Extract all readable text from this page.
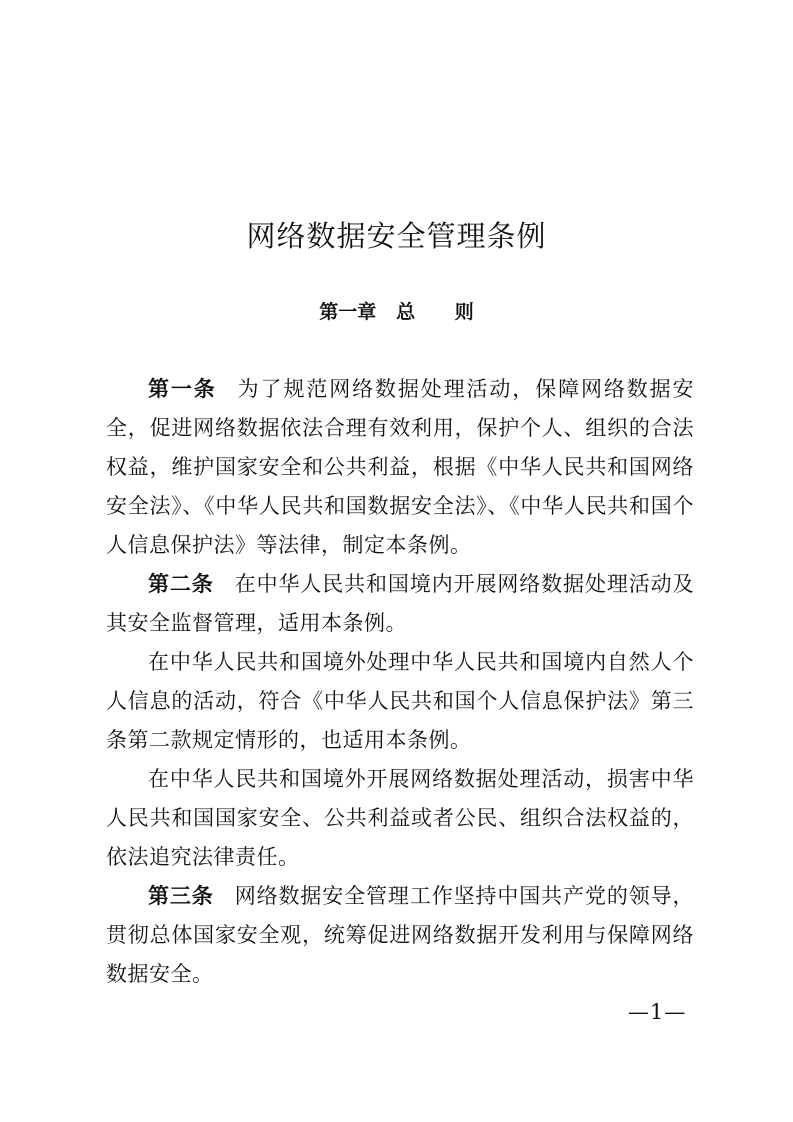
网络数据安全管理条例
第一章   总      则

第一条 为了规范网络数据处理活动，保障网络数据安全，促进网络数据依法合理有效利用，保护个人、组织的合法权益，维护国家安全和公共利益，根据《中华人民共和国网络安全法》、《中华人民共和国数据安全法》、《中华人民共和国个人信息保护法》等法律，制定本条例。

第二条 在中华人民共和国境内开展网络数据处理活动及其安全监督管理，适用本条例。

在中华人民共和国境外处理中华人民共和国境内自然人个人信息的活动，符合《中华人民共和国个人信息保护法》第三条第二款规定情形的，也适用本条例。

在中华人民共和国境外开展网络数据处理活动，损害中华人民共和国国家安全、公共利益或者公民、组织合法权益的，依法追究法律责任。

第三条 网络数据安全管理工作坚持中国共产党的领导，贯彻总体国家安全观，统筹促进网络数据开发利用与保障网络数据安全。

—1—
